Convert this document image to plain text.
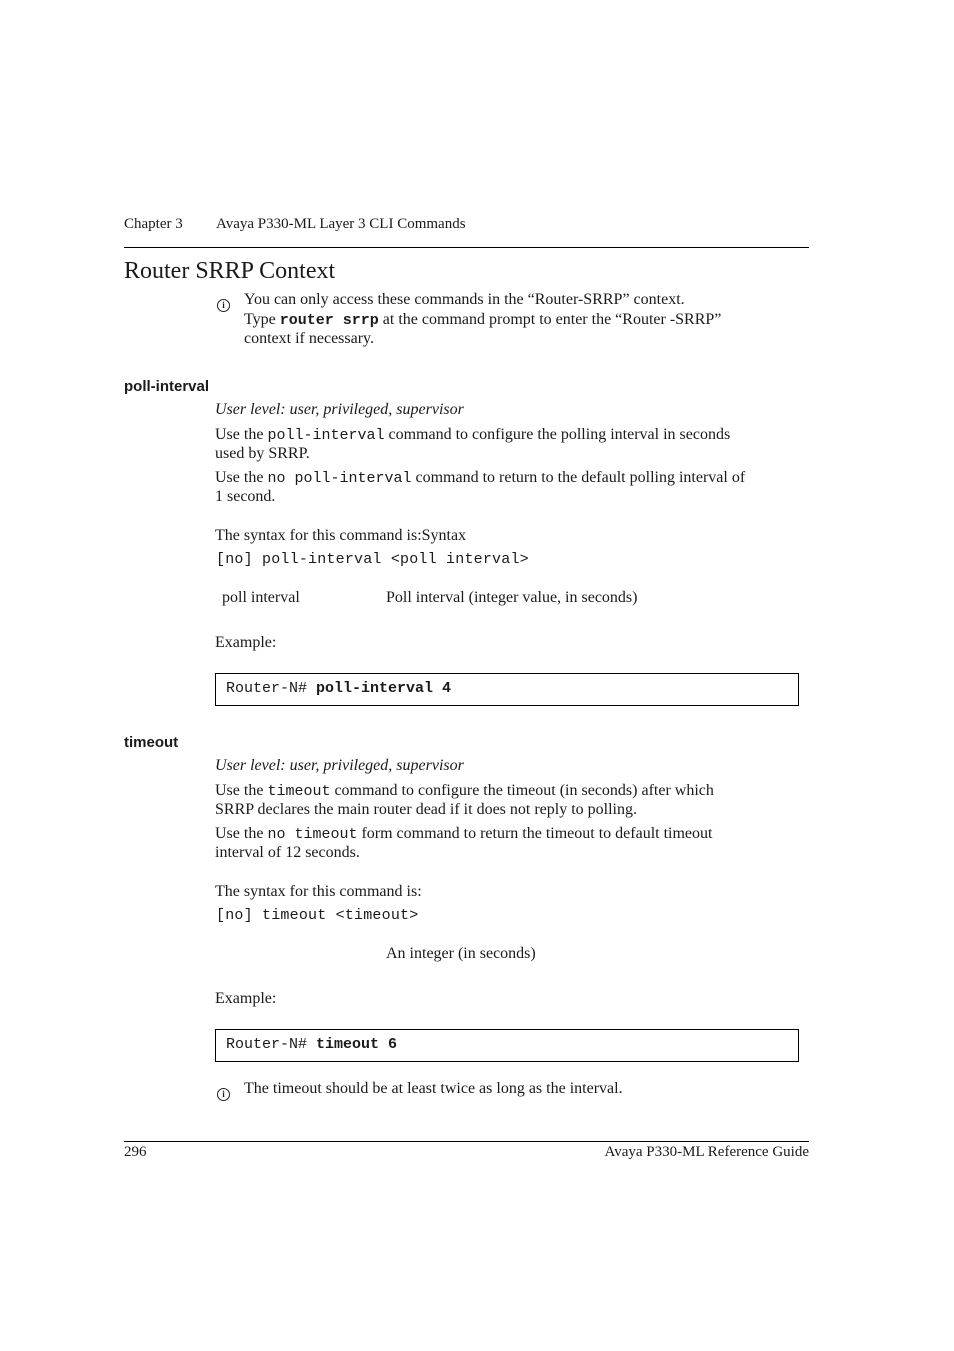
Chapter 3 Avaya P330-ML Layer 3 CLI Commands
Router SRRP Context
i	You can only access these commands in the “Router-SRRP” context.
Type router srrp at the command prompt to enter the “Router -SRRP”
context if necessary.
poll-interval
User level: user, privileged, supervisor
Use the poll-interval command to configure the polling interval in seconds
used by SRRP.
Use the no poll-interval command to return to the default polling interval of
1 second.
The syntax for this command is:Syntax
[no] poll-interval <poll interval>
poll interval	Poll interval (integer value, in seconds)
Example:
Router-N# poll-interval 4
timeout
User level: user, privileged, supervisor
Use the timeout command to configure the timeout (in seconds) after which
SRRP declares the main router dead if it does not reply to polling.
Use the no timeout form command to return the timeout to default timeout
interval of 12 seconds.
The syntax for this command is:
[no] timeout <timeout>
An integer (in seconds)
Example:
Router-N# timeout 6
i	The timeout should be at least twice as long as the interval.
296	Avaya P330-ML Reference Guide
